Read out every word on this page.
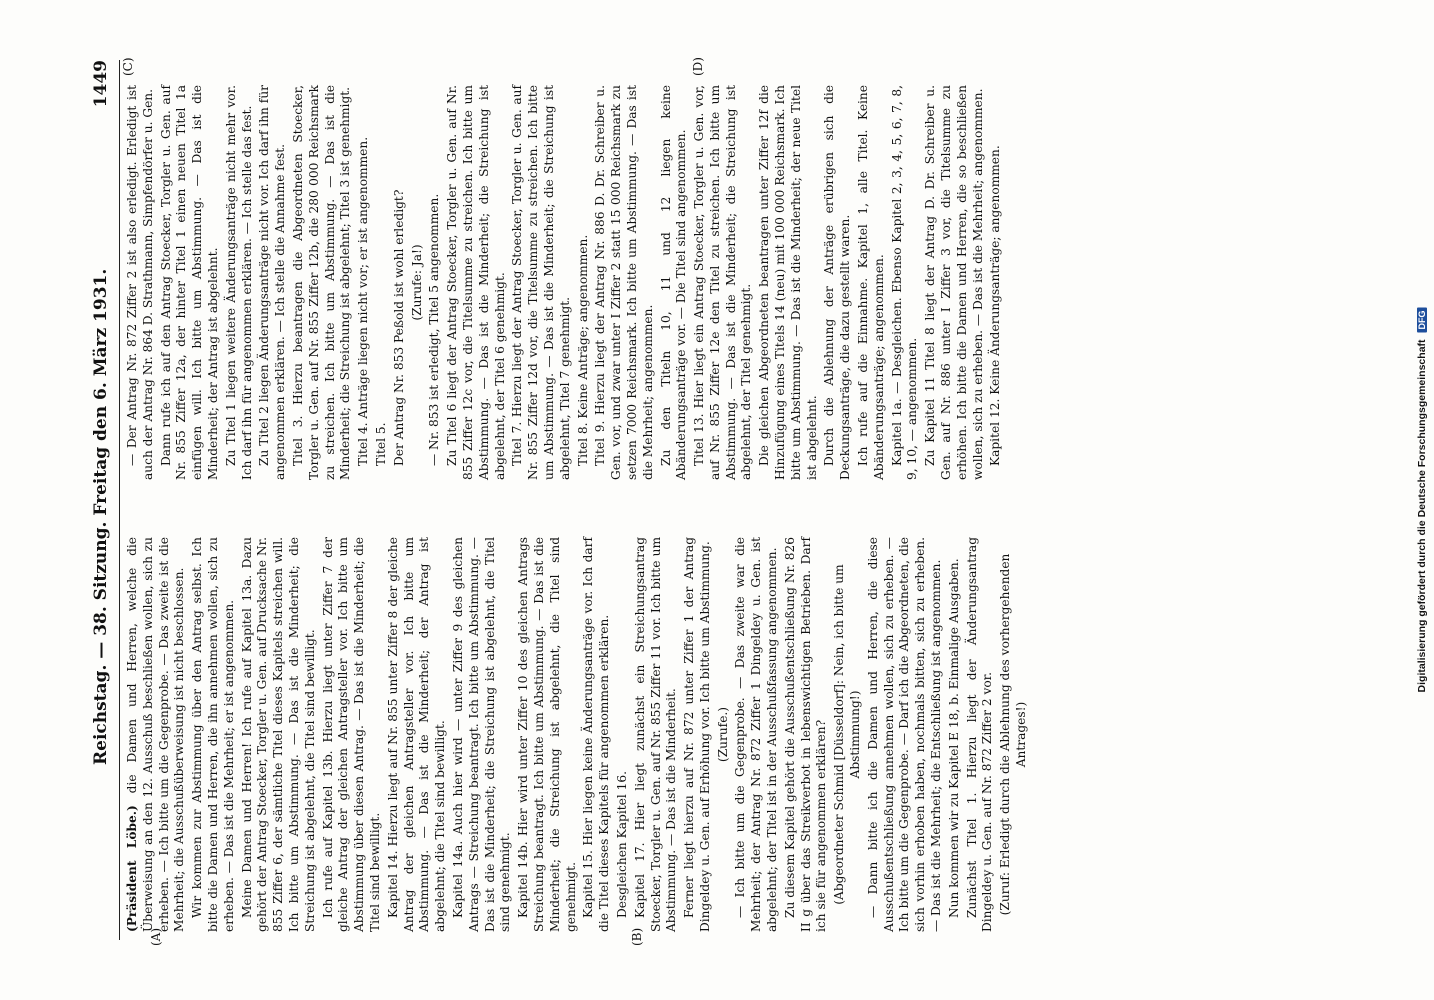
Reichstag. — 38. Sitzung. Freitag den 6. März 1931.
1449
(A)	(B)
(C)	(D)

(Präsident Löbe.) die Damen und Herren, welche die Überweisung an den 12. Ausschuß beschließen wollen, sich zu erheben. — Ich bitte um die Gegenprobe. — Das zweite ist die Mehrheit; die Ausschußüberweisung ist nicht beschlossen. Wir kommen zur Abstimmung über den Antrag selbst. Ich bitte die Damen und Herren, die ihn annehmen wollen, sich zu erheben. — Das ist die Mehrheit; er ist angenommen. Meine Damen und Herren! Ich rufe auf Kapitel 13a. Dazu gehört der Antrag Stoecker, Torgler u. Gen. auf Drucksache Nr. 855 Ziffer 6, der sämtliche Titel dieses Kapitels streichen will. Ich bitte um Abstimmung. — Das ist die Minderheit; die Streichung ist abgelehnt, die Titel sind bewilligt. Ich rufe auf Kapitel 13b. Hierzu liegt unter Ziffer 7 der gleiche Antrag der gleichen Antragsteller vor. Ich bitte um Abstimmung über diesen Antrag. — Das ist die Minderheit; die Titel sind bewilligt. Kapitel 14. Hierzu liegt auf Nr. 855 unter Ziffer 8 der gleiche Antrag der gleichen Antragsteller vor. Ich bitte um Abstimmung. — Das ist die Minderheit; der Antrag ist abgelehnt; die Titel sind bewilligt. Kapitel 14a. Auch hier wird — unter Ziffer 9 des gleichen Antrags — Streichung beantragt. Ich bitte um Abstimmung. — Das ist die Minderheit; die Streichung ist abgelehnt, die Titel sind genehmigt. Kapitel 14b. Hier wird unter Ziffer 10 des gleichen Antrags Streichung beantragt. Ich bitte um Abstimmung. — Das ist die Minderheit; die Streichung ist abgelehnt, die Titel sind genehmigt. Kapitel 15. Hier liegen keine Änderungsanträge vor. Ich darf die Titel dieses Kapitels für angenommen erklären. Desgleichen Kapitel 16. Kapitel 17. Hier liegt zunächst ein Streichungsantrag Stoecker, Torgler u. Gen. auf Nr. 855 Ziffer 11 vor. Ich bitte um Abstimmung. — Das ist die Minderheit. Ferner liegt hierzu auf Nr. 872 unter Ziffer 1 der Antrag Dingeldey u. Gen. auf Erhöhung vor. Ich bitte um Abstimmung. (Zurufe.) — Ich bitte um die Gegenprobe. — Das zweite war die Mehrheit; der Antrag Nr. 872 Ziffer 1 Dingeldey u. Gen. ist abgelehnt; der Titel ist in der Ausschußfassung angenommen. Zu diesem Kapitel gehört die Ausschußentschließung Nr. 826 II g über das Streikverbot in lebenswichtigen Betrieben. Darf ich sie für angenommen erklären? (Abgeordneter Schmid [Düsseldorf]: Nein, ich bitte um Abstimmung!) — Dann bitte ich die Damen und Herren, die diese Ausschußentschließung annehmen wollen, sich zu erheben. — Ich bitte um die Gegenprobe. — Darf ich die Abgeordneten, die sich vorhin erhoben haben, nochmals bitten, sich zu erheben. — Das ist die Mehrheit; die Entschließung ist angenommen. Nun kommen wir zu Kapitel E 18, b. Einmalige Ausgaben. Zunächst Titel 1. Hierzu liegt der Änderungsantrag Dingeldey u. Gen. auf Nr. 872 Ziffer 2 vor. (Zuruf: Erledigt durch die Ablehnung des vorhergehenden Antrages!)

— Der Antrag Nr. 872 Ziffer 2 ist also erledigt. Erledigt ist auch der Antrag Nr. 864 D. Strathmann, Simpfendörfer u. Gen. Dann rufe ich auf den Antrag Stoecker, Torgler u. Gen. auf Nr. 855 Ziffer 12a, der hinter Titel 1 einen neuen Titel 1a einfügen will. Ich bitte um Abstimmung. — Das ist die Minderheit; der Antrag ist abgelehnt. Zu Titel 1 liegen weitere Änderungsanträge nicht mehr vor. Ich darf ihn für angenommen erklären. — Ich stelle das fest. Zu Titel 2 liegen Änderungsanträge nicht vor. Ich darf ihn für angenommen erklären. — Ich stelle die Annahme fest. Titel 3. Hierzu beantragen die Abgeordneten Stoecker, Torgler u. Gen. auf Nr. 855 Ziffer 12b, die 280 000 Reichsmark zu streichen. Ich bitte um Abstimmung. — Das ist die Minderheit; die Streichung ist abgelehnt; Titel 3 ist genehmigt. Titel 4. Anträge liegen nicht vor; er ist angenommen. Titel 5. Der Antrag Nr. 853 Peßold ist wohl erledigt? (Zurufe: Ja!) — Nr. 853 ist erledigt, Titel 5 angenommen. Zu Titel 6 liegt der Antrag Stoecker, Torgler u. Gen. auf Nr. 855 Ziffer 12c vor, die Titelsumme zu streichen. Ich bitte um Abstimmung. — Das ist die Minderheit; die Streichung ist abgelehnt, der Titel 6 genehmigt. Titel 7. Hierzu liegt der Antrag Stoecker, Torgler u. Gen. auf Nr. 855 Ziffer 12d vor, die Titelsumme zu streichen. Ich bitte um Abstimmung. — Das ist die Minderheit; die Streichung ist abgelehnt, Titel 7 genehmigt. Titel 8. Keine Anträge; angenommen. Titel 9. Hierzu liegt der Antrag Nr. 886 D. Dr. Schreiber u. Gen. vor, und zwar unter I Ziffer 2 statt 15 000 Reichsmark zu setzen 7000 Reichsmark. Ich bitte um Abstimmung. — Das ist die Mehrheit; angenommen. Zu den Titeln 10, 11 und 12 liegen keine Abänderungsanträge vor. — Die Titel sind angenommen. Titel 13. Hier liegt ein Antrag Stoecker, Torgler u. Gen. vor, auf Nr. 855 Ziffer 12e den Titel zu streichen. Ich bitte um Abstimmung. — Das ist die Minderheit; die Streichung ist abgelehnt, der Titel genehmigt. Die gleichen Abgeordneten beantragen unter Ziffer 12f die Hinzufügung eines Titels 14 (neu) mit 100 000 Reichsmark. Ich bitte um Abstimmung. — Das ist die Minderheit; der neue Titel ist abgelehnt. Durch die Ablehnung der Anträge erübrigen sich die Deckungsanträge, die dazu gestellt waren. Ich rufe auf die Einnahme. Kapitel 1, alle Titel. Keine Abänderungsanträge; angenommen. Kapitel 1a. — Desgleichen. Ebenso Kapitel 2, 3, 4, 5, 6, 7, 8, 9, 10, — angenommen. Zu Kapitel 11 Titel 8 liegt der Antrag D. Dr. Schreiber u. Gen. auf Nr. 886 unter I Ziffer 3 vor, die Titelsumme zu erhöhen. Ich bitte die Damen und Herren, die so beschließen wollen, sich zu erheben. — Das ist die Mehrheit; angenommen. Kapitel 12. Keine Änderungsanträge; angenommen.

Digitalisierung gefördert durch die Deutsche Forschungsgemeinschaft DFG
